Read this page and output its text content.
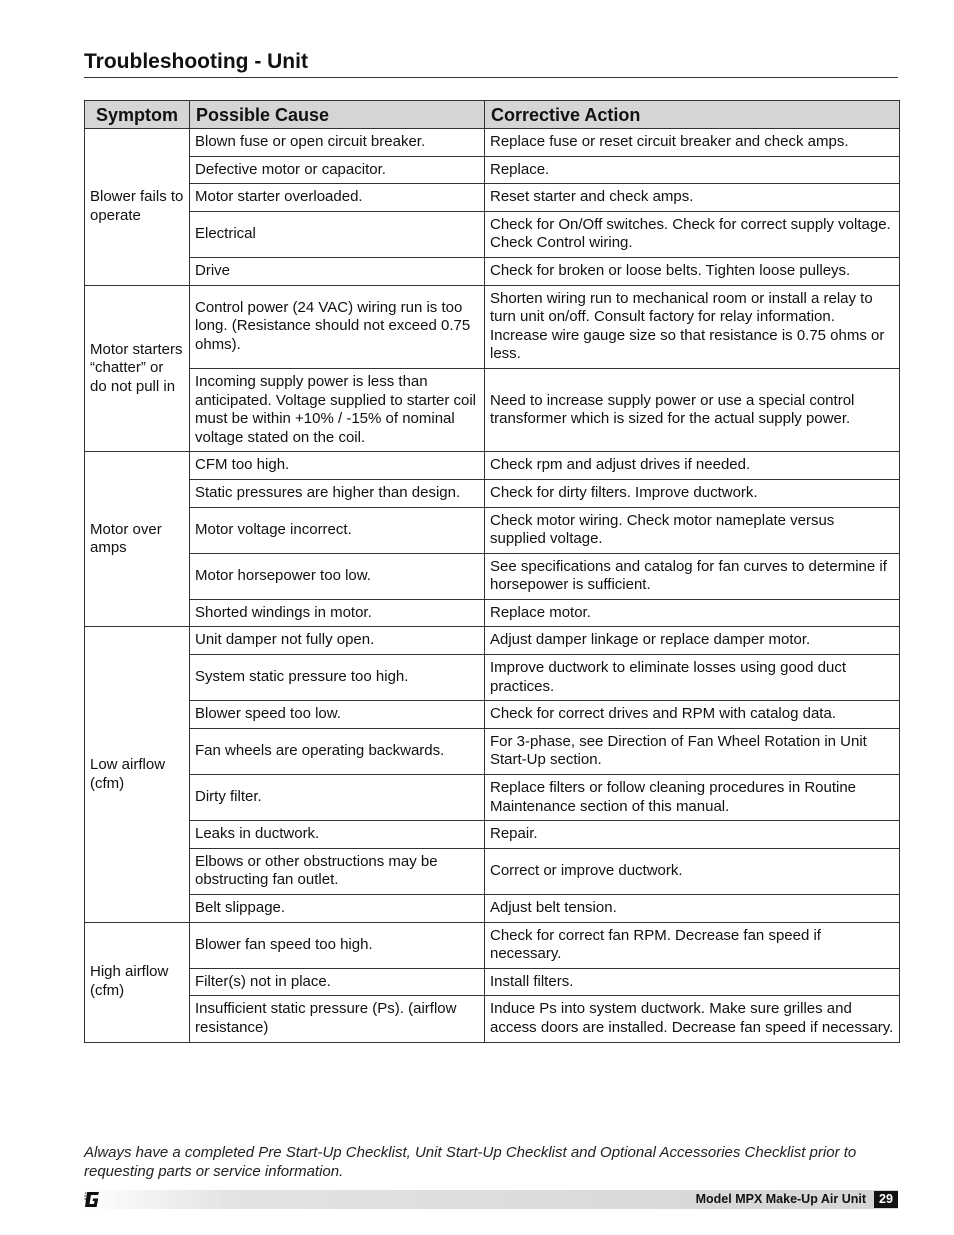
Troubleshooting - Unit
Symptom	Possible Cause	Corrective Action
Blower fails to operate	Blown fuse or open circuit breaker.	Replace fuse or reset circuit breaker and check amps.
	Defective motor or capacitor.	Replace.
	Motor starter overloaded.	Reset starter and check amps.
	Electrical	Check for On/Off switches. Check for correct supply voltage. Check Control wiring.
	Drive	Check for broken or loose belts. Tighten loose pulleys.
Motor starters “chatter” or do not pull in	Control power (24 VAC) wiring run is too long. (Resistance should not exceed 0.75 ohms).	Shorten wiring run to mechanical room or install a relay to turn unit on/off. Consult factory for relay information. Increase wire gauge size so that resistance is 0.75 ohms or less.
	Incoming supply power is less than anticipated. Voltage supplied to starter coil must be within +10% / -15% of nominal voltage stated on the coil.	Need to increase supply power or use a special control transformer which is sized for the actual supply power.
Motor over amps	CFM too high.	Check rpm and adjust drives if needed.
	Static pressures are higher than design.	Check for dirty filters. Improve ductwork.
	Motor voltage incorrect.	Check motor wiring. Check motor nameplate versus supplied voltage.
	Motor horsepower too low.	See specifications and catalog for fan curves to determine if horsepower is sufficient.
	Shorted windings in motor.	Replace motor.
Low airflow (cfm)	Unit damper not fully open.	Adjust damper linkage or replace damper motor.
	System static pressure too high.	Improve ductwork to eliminate losses using good duct practices.
	Blower speed too low.	Check for correct drives and RPM with catalog data.
	Fan wheels are operating backwards.	For 3-phase, see Direction of Fan Wheel Rotation in Unit Start-Up section.
	Dirty filter.	Replace filters or follow cleaning procedures in Routine Maintenance section of this manual.
	Leaks in ductwork.	Repair.
	Elbows or other obstructions may be obstructing fan outlet.	Correct or improve ductwork.
	Belt slippage.	Adjust belt tension.
High airflow (cfm)	Blower fan speed too high.	Check for correct fan RPM. Decrease fan speed if necessary.
	Filter(s) not in place.	Install filters.
	Insufficient static pressure (Ps). (airflow resistance)	Induce Ps into system ductwork. Make sure grilles and access doors are installed. Decrease fan speed if necessary.

Always have a completed Pre Start-Up Checklist, Unit Start-Up Checklist and Optional Accessories Checklist prior to requesting parts or service information.

Model MPX Make-Up Air Unit	29
